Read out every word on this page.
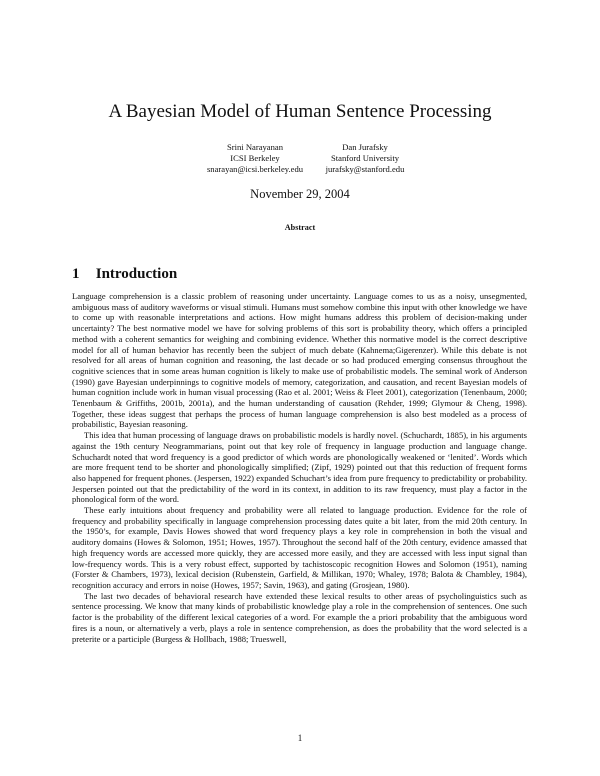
A Bayesian Model of Human Sentence Processing
Srini Narayanan
ICSI Berkeley
snarayan@icsi.berkeley.edu
Dan Jurafsky
Stanford University
jurafsky@stanford.edu
November 29, 2004
Abstract
1 Introduction

Language comprehension is a classic problem of reasoning under uncertainty. Language comes to us as a noisy, unsegmented, ambiguous mass of auditory waveforms or visual stimuli. Humans must somehow combine this input with other knowledge we have to come up with reasonable interpretations and actions. How might humans address this problem of decision-making under uncertainty? The best normative model we have for solving problems of this sort is probability theory, which offers a principled method with a coherent semantics for weighing and combining evidence. Whether this normative model is the correct descriptive model for all of human behavior has recently been the subject of much debate (Kahnema;Gigerenzer). While this debate is not resolved for all areas of human cognition and reasoning, the last decade or so had produced emerging consensus throughout the cognitive sciences that in some areas human cognition is likely to make use of probabilistic models. The seminal work of Anderson (1990) gave Bayesian underpinnings to cognitive models of memory, categorization, and causation, and recent Bayesian models of human cognition include work in human visual processing (Rao et al. 2001; Weiss & Fleet 2001), categorization (Tenenbaum, 2000; Tenenbaum & Griffiths, 2001b, 2001a), and the human understanding of causation (Rehder, 1999; Glymour & Cheng, 1998). Together, these ideas suggest that perhaps the process of human language comprehension is also best modeled as a process of probabilistic, Bayesian reasoning.

This idea that human processing of language draws on probabilistic models is hardly novel. (Schuchardt, 1885), in his arguments against the 19th century Neogrammarians, point out that key role of frequency in language production and language change. Schuchardt noted that word frequency is a good predictor of which words are phonologically weakened or ‘lenited’. Words which are more frequent tend to be shorter and phonologically simplified; (Zipf, 1929) pointed out that this reduction of frequent forms also happened for frequent phones. (Jespersen, 1922) expanded Schuchart’s idea from pure frequency to predictability or probability. Jespersen pointed out that the predictability of the word in its context, in addition to its raw frequency, must play a factor in the phonological form of the word.

These early intuitions about frequency and probability were all related to language production. Evidence for the role of frequency and probability specifically in language comprehension processing dates quite a bit later, from the mid 20th century. In the 1950’s, for example, Davis Howes showed that word frequency plays a key role in comprehension in both the visual and auditory domains (Howes & Solomon, 1951; Howes, 1957). Throughout the second half of the 20th century, evidence amassed that high frequency words are accessed more quickly, they are accessed more easily, and they are accessed with less input signal than low-frequency words. This is a very robust effect, supported by tachistoscopic recognition Howes and Solomon (1951), naming (Forster & Chambers, 1973), lexical decision (Rubenstein, Garfield, & Millikan, 1970; Whaley, 1978; Balota & Chambley, 1984), recognition accuracy and errors in noise (Howes, 1957; Savin, 1963), and gating (Grosjean, 1980).

The last two decades of behavioral research have extended these lexical results to other areas of psycholinguistics such as sentence processing. We know that many kinds of probabilistic knowledge play a role in the comprehension of sentences. One such factor is the probability of the different lexical categories of a word. For example the a priori probability that the ambiguous word fires is a noun, or alternatively a verb, plays a role in sentence comprehension, as does the probability that the word selected is a preterite or a participle (Burgess & Hollbach, 1988; Trueswell,

1
